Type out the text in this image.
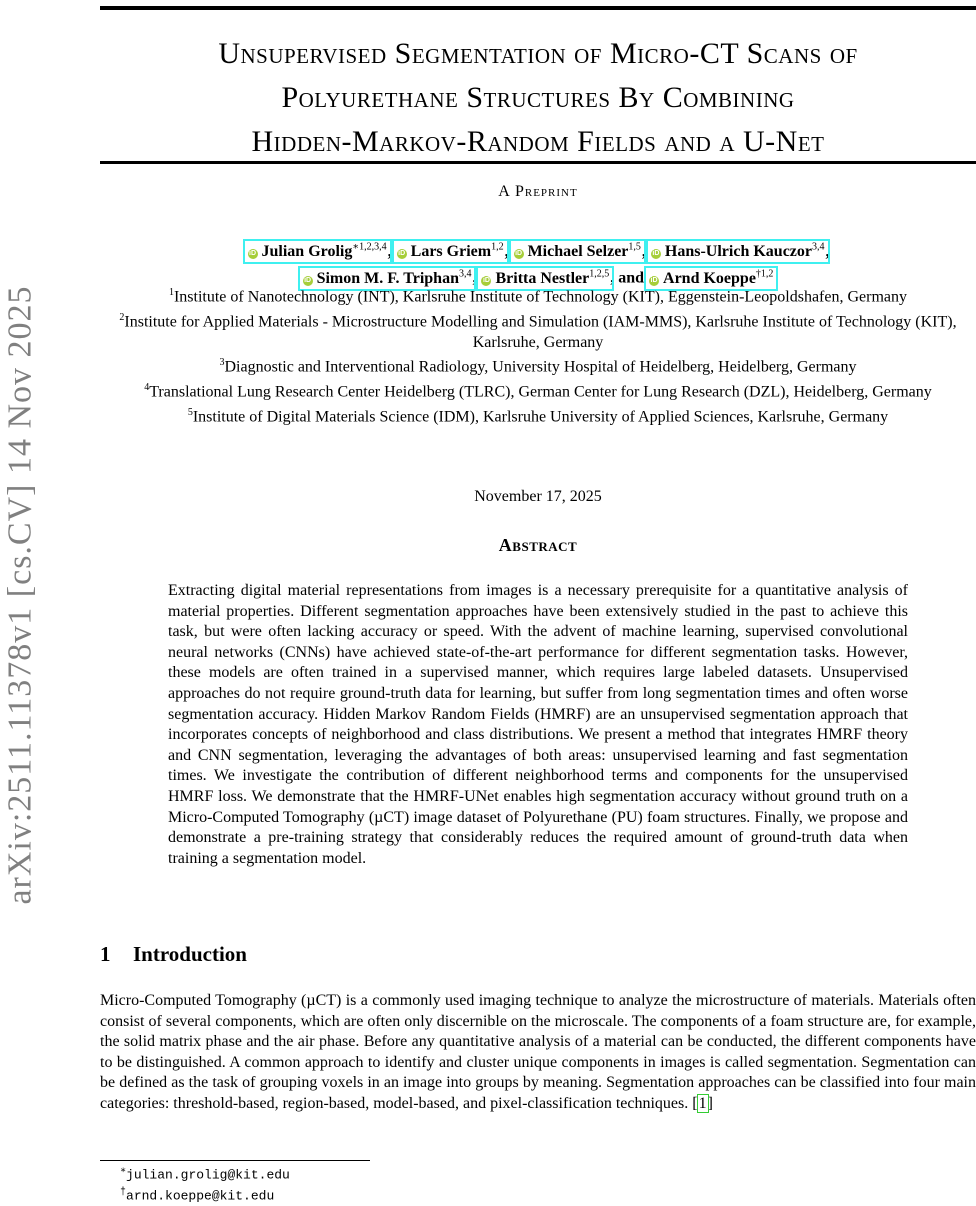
arXiv:2511.11378v1 [cs.CV] 14 Nov 2025
Unsupervised Segmentation of Micro-CT Scans of
Polyurethane Structures By Combining
Hidden-Markov-Random Fields and a U-Net
A Preprint
iD Julian Grolig$^{∗1,2,3,4}$, iD Lars Griem$^{1,2}$, iD Michael Selzer$^{1,5}$, iD Hans-Ulrich Kauczor$^{3,4}$,
iD Simon M. F. Triphan$^{3,4}$, iD Britta Nestler$^{1,2,5}$, and iD Arnd Koeppe$^{\dagger 1,2}$

$^1$Institute of Nanotechnology (INT), Karlsruhe Institute of Technology (KIT), Eggenstein-Leopoldshafen, Germany

$^2$Institute for Applied Materials - Microstructure Modelling and Simulation (IAM-MMS), Karlsruhe Institute of Technology (KIT), Karlsruhe, Germany

$^3$Diagnostic and Interventional Radiology, University Hospital of Heidelberg, Heidelberg, Germany

$^4$Translational Lung Research Center Heidelberg (TLRC), German Center for Lung Research (DZL), Heidelberg, Germany

$^5$Institute of Digital Materials Science (IDM), Karlsruhe University of Applied Sciences, Karlsruhe, Germany

November 17, 2025
Abstract

Extracting digital material representations from images is a necessary prerequisite for a quantitative analysis of material properties. Different segmentation approaches have been extensively studied in the past to achieve this task, but were often lacking accuracy or speed. With the advent of machine learning, supervised convolutional neural networks (CNNs) have achieved state-of-the-art performance for different segmentation tasks. However, these models are often trained in a supervised manner, which requires large labeled datasets. Unsupervised approaches do not require ground-truth data for learning, but suffer from long segmentation times and often worse segmentation accuracy. Hidden Markov Random Fields (HMRF) are an unsupervised segmentation approach that incorporates concepts of neighborhood and class distributions. We present a method that integrates HMRF theory and CNN segmentation, leveraging the advantages of both areas: unsupervised learning and fast segmentation times. We investigate the contribution of different neighborhood terms and components for the unsupervised HMRF loss. We demonstrate that the HMRF-UNet enables high segmentation accuracy without ground truth on a Micro-Computed Tomography (µCT) image dataset of Polyurethane (PU) foam structures. Finally, we propose and demonstrate a pre-training strategy that considerably reduces the required amount of ground-truth data when training a segmentation model.

1 Introduction

Micro-Computed Tomography (µCT) is a commonly used imaging technique to analyze the microstructure of materials. Materials often consist of several components, which are often only discernible on the microscale. The components of a foam structure are, for example, the solid matrix phase and the air phase. Before any quantitative analysis of a material can be conducted, the different components have to be distinguished. A common approach to identify and cluster unique components in images is called segmentation. Segmentation can be defined as the task of grouping voxels in an image into groups by meaning. Segmentation approaches can be classified into four main categories: threshold-based, region-based, model-based, and pixel-classification techniques. [1]

∗julian.grolig@kit.edu
†arnd.koeppe@kit.edu
